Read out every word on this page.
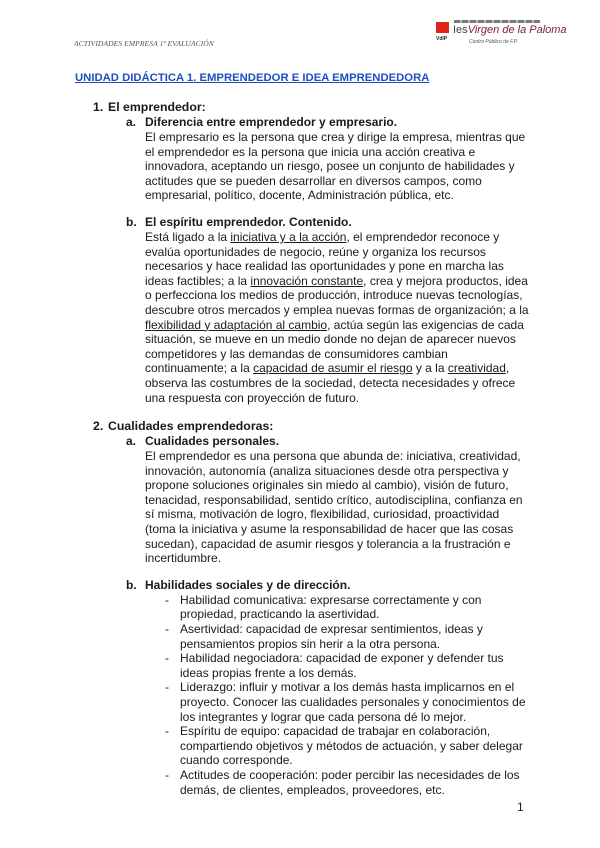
ACTIVIDADES EMPRESA 1ª EVALUACIÓN	VdlP
IesVirgen de la Paloma
Centro Público de F.P.
UNIDAD DIDÁCTICA 1. EMPRENDEDOR E IDEA EMPRENDEDORA
1. El emprendedor:
a. Diferencia entre emprendedor y empresario.
El empresario es la persona que crea y dirige la empresa, mientras que el emprendedor es la persona que inicia una acción creativa e innovadora, aceptando un riesgo, posee un conjunto de habilidades y actitudes que se pueden desarrollar en diversos campos, como empresarial, político, docente, Administración pública, etc.
b. El espíritu emprendedor. Contenido.
Está ligado a la iniciativa y a la acción, el emprendedor reconoce y evalúa oportunidades de negocio, reúne y organiza los recursos necesarios y hace realidad las oportunidades y pone en marcha las ideas factibles; a la innovación constante, crea y mejora productos, idea o perfecciona los medios de producción, introduce nuevas tecnologías, descubre otros mercados y emplea nuevas formas de organización; a la flexibilidad y adaptación al cambio, actúa según las exigencias de cada situación, se mueve en un medio donde no dejan de aparecer nuevos competidores y las demandas de consumidores cambian continuamente; a la capacidad de asumir el riesgo y a la creatividad, observa las costumbres de la sociedad, detecta necesidades y ofrece una respuesta con proyección de futuro.
2. Cualidades emprendedoras:
a. Cualidades personales.
El emprendedor es una persona que abunda de: iniciativa, creatividad, innovación, autonomía (analiza situaciones desde otra perspectiva y propone soluciones originales sin miedo al cambio), visión de futuro, tenacidad, responsabilidad, sentido crítico, autodisciplina, confianza en sí misma, motivación de logro, flexibilidad, curiosidad, proactividad (toma la iniciativa y asume la responsabilidad de hacer que las cosas sucedan), capacidad de asumir riesgos y tolerancia a la frustración e incertidumbre.
b. Habilidades sociales y de dirección.
- Habilidad comunicativa: expresarse correctamente y con propiedad, practicando la asertividad.
- Asertividad: capacidad de expresar sentimientos, ideas y pensamientos propios sin herir a la otra persona.
- Habilidad negociadora: capacidad de exponer y defender tus ideas propias frente a los demás.
- Liderazgo: influir y motivar a los demás hasta implicarnos en el proyecto. Conocer las cualidades personales y conocimientos de los integrantes y lograr que cada persona dé lo mejor.
- Espíritu de equipo: capacidad de trabajar en colaboración, compartiendo objetivos y métodos de actuación, y saber delegar cuando corresponde.
- Actitudes de cooperación: poder percibir las necesidades de los demás, de clientes, empleados, proveedores, etc.
1
